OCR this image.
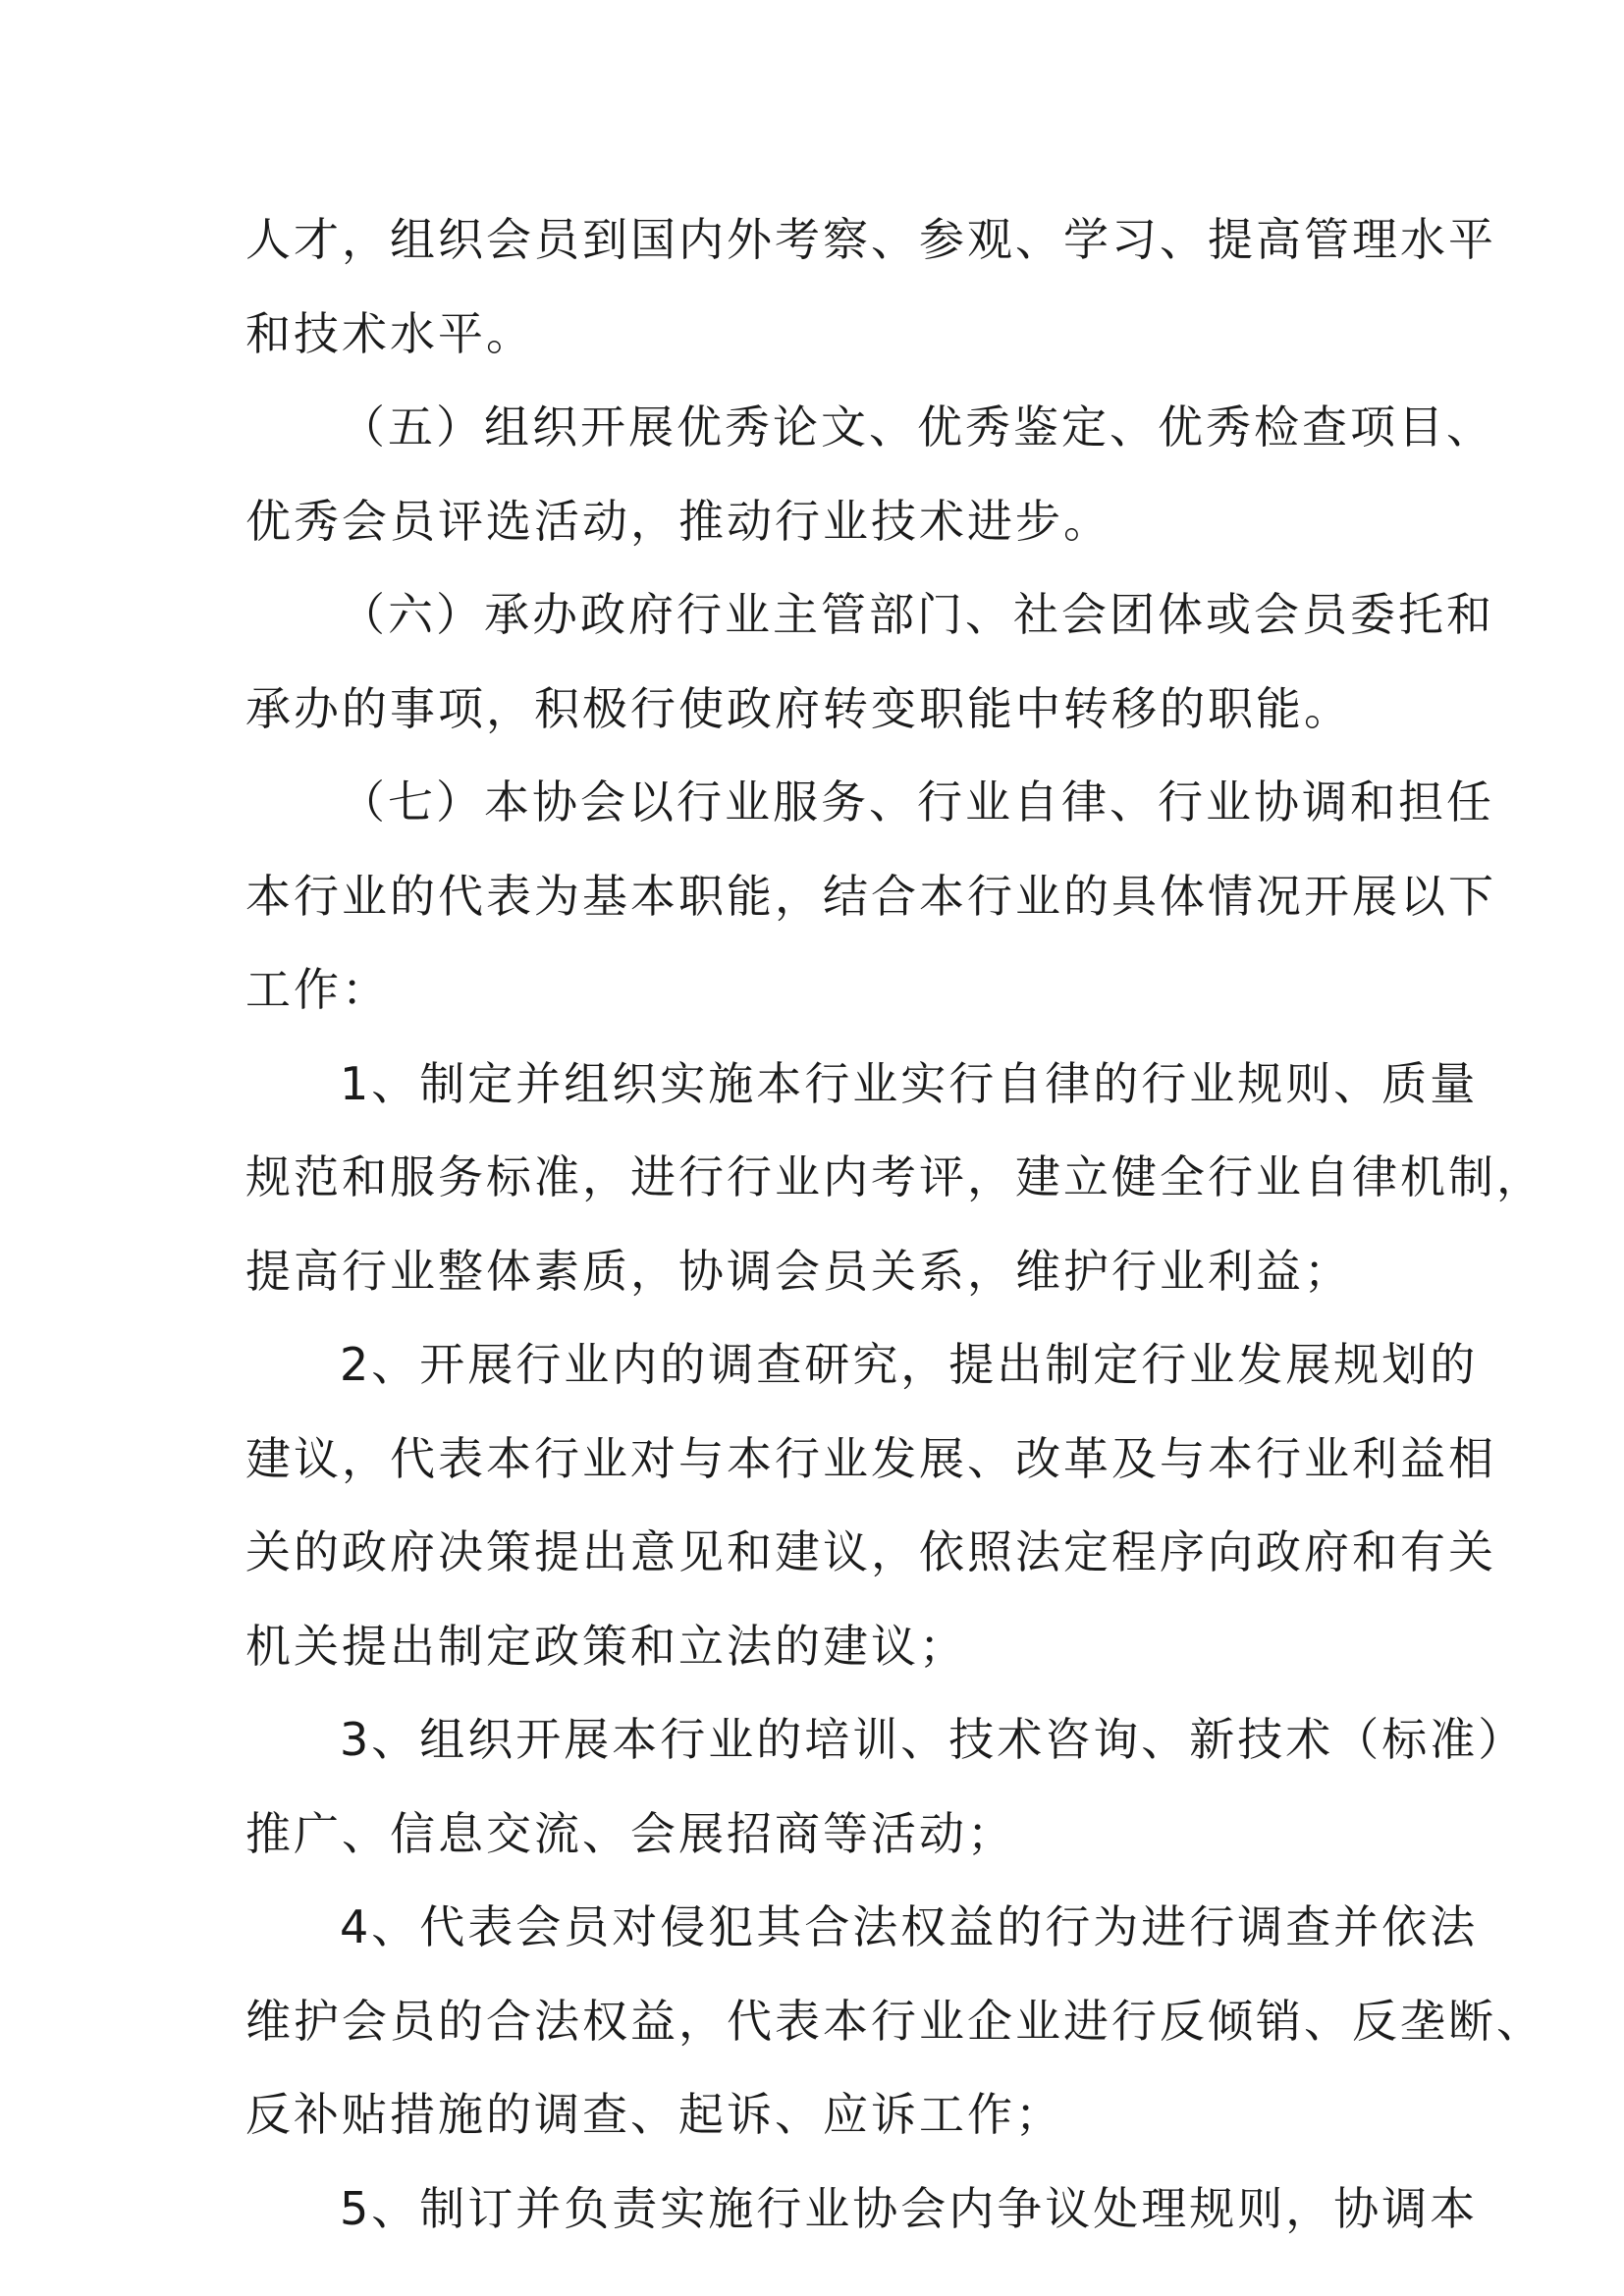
人才，组织会员到国内外考察、参观、学习、提高管理水平
和技术水平。
（五）组织开展优秀论文、优秀鉴定、优秀检查项目、
优秀会员评选活动，推动行业技术进步。
（六）承办政府行业主管部门、社会团体或会员委托和
承办的事项，积极行使政府转变职能中转移的职能。
（七）本协会以行业服务、行业自律、行业协调和担任
本行业的代表为基本职能，结合本行业的具体情况开展以下
工作：
1、制定并组织实施本行业实行自律的行业规则、质量
规范和服务标准，进行行业内考评，建立健全行业自律机制，
提高行业整体素质，协调会员关系，维护行业利益；
2、开展行业内的调查研究，提出制定行业发展规划的
建议，代表本行业对与本行业发展、改革及与本行业利益相
关的政府决策提出意见和建议，依照法定程序向政府和有关
机关提出制定政策和立法的建议；
3、组织开展本行业的培训、技术咨询、新技术（标准）
推广、信息交流、会展招商等活动；
4、代表会员对侵犯其合法权益的行为进行调查并依法
维护会员的合法权益，代表本行业企业进行反倾销、反垄断、
反补贴措施的调查、起诉、应诉工作；
5、制订并负责实施行业协会内争议处理规则，协调本
